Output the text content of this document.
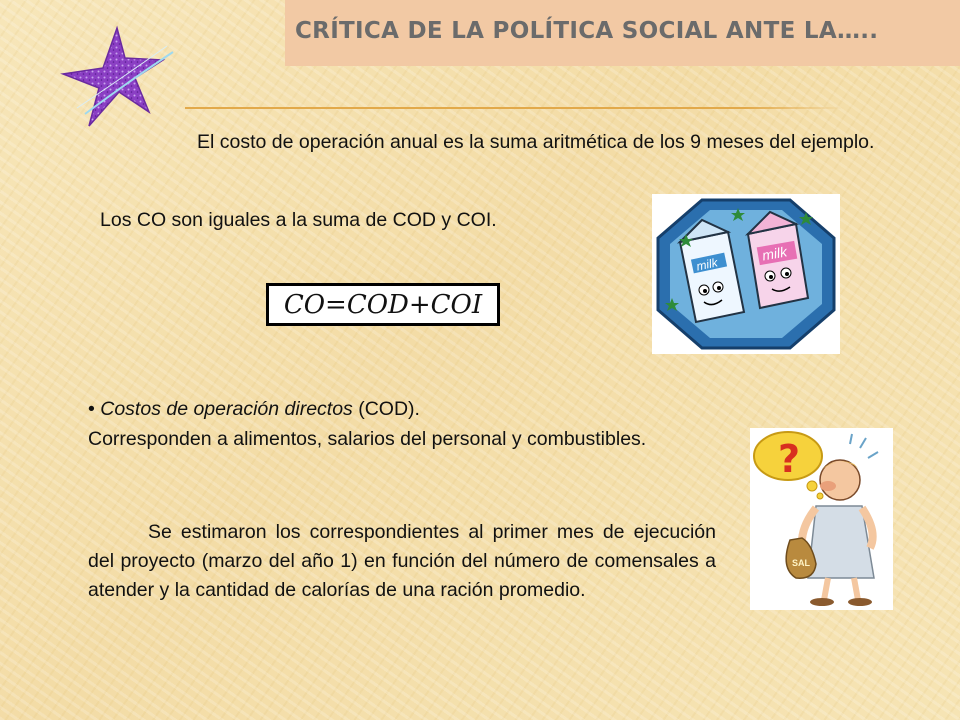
CRÍTICA DE LA POLÍTICA SOCIAL ANTE LA…..

El costo de operación anual es la suma aritmética de los 9 meses del ejemplo.

Los CO son iguales a la suma de COD y COI.

CO=COD+COI
milk
milk

• Costos de operación directos (COD).

Corresponden a alimentos, salarios del personal y combustibles.

Se estimaron los correspondientes al primer mes de ejecución del proyecto (marzo del año 1) en función del número de comensales a atender y la cantidad de calorías de una ración promedio.

?
SAL
